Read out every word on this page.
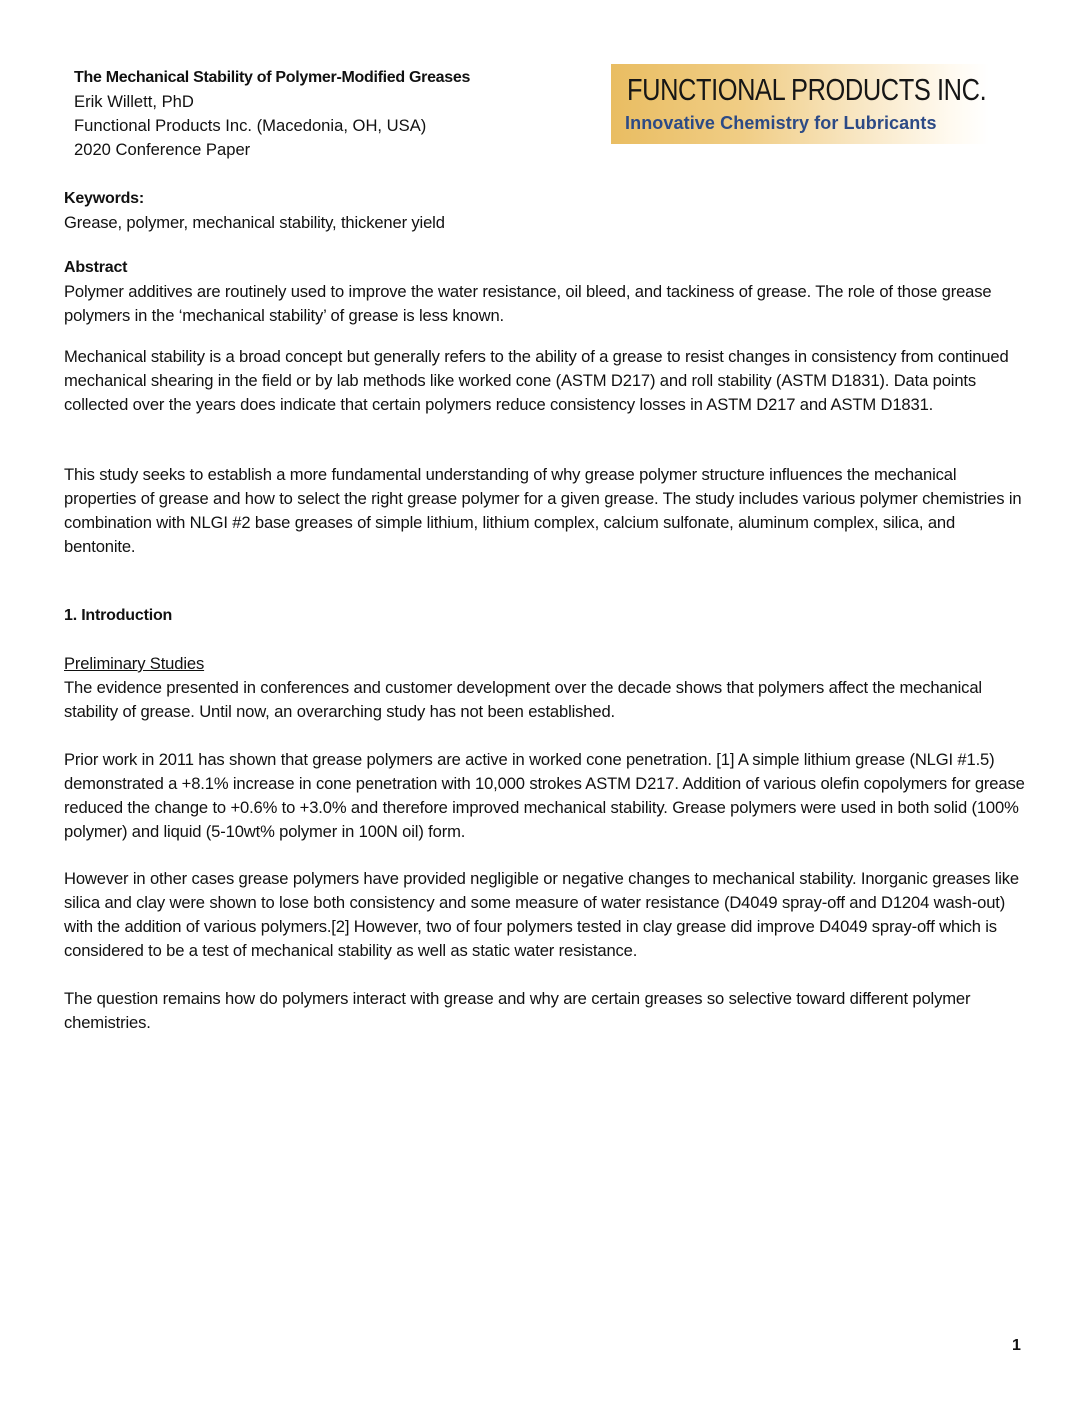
The Mechanical Stability of Polymer-Modified Greases
Erik Willett, PhD
Functional Products Inc. (Macedonia, OH, USA)
2020 Conference Paper
FUNCTIONAL PRODUCTS INC.
Innovative Chemistry for Lubricants
Keywords:

Grease, polymer, mechanical stability, thickener yield

Abstract

Polymer additives are routinely used to improve the water resistance, oil bleed, and tackiness of grease. The role of those grease polymers in the ‘mechanical stability’ of grease is less known.

Mechanical stability is a broad concept but generally refers to the ability of a grease to resist changes in consistency from continued mechanical shearing in the field or by lab methods like worked cone (ASTM D217) and roll stability (ASTM D1831). Data points collected over the years does indicate that certain polymers reduce consistency losses in ASTM D217 and ASTM D1831.

This study seeks to establish a more fundamental understanding of why grease polymer structure influences the mechanical properties of grease and how to select the right grease polymer for a given grease. The study includes various polymer chemistries in combination with NLGI #2 base greases of simple lithium, lithium complex, calcium sulfonate, aluminum complex, silica, and bentonite.

1. Introduction
Preliminary Studies

The evidence presented in conferences and customer development over the decade shows that polymers affect the mechanical stability of grease. Until now, an overarching study has not been established.

Prior work in 2011 has shown that grease polymers are active in worked cone penetration. [1] A simple lithium grease (NLGI #1.5) demonstrated a +8.1% increase in cone penetration with 10,000 strokes ASTM D217. Addition of various olefin copolymers for grease reduced the change to +0.6% to +3.0% and therefore improved mechanical stability. Grease polymers were used in both solid (100% polymer) and liquid (5-10wt% polymer in 100N oil) form.

However in other cases grease polymers have provided negligible or negative changes to mechanical stability. Inorganic greases like silica and clay were shown to lose both consistency and some measure of water resistance (D4049 spray-off and D1204 wash-out) with the addition of various polymers.[2] However, two of four polymers tested in clay grease did improve D4049 spray-off which is considered to be a test of mechanical stability as well as static water resistance.

The question remains how do polymers interact with grease and why are certain greases so selective toward different polymer chemistries.

1
